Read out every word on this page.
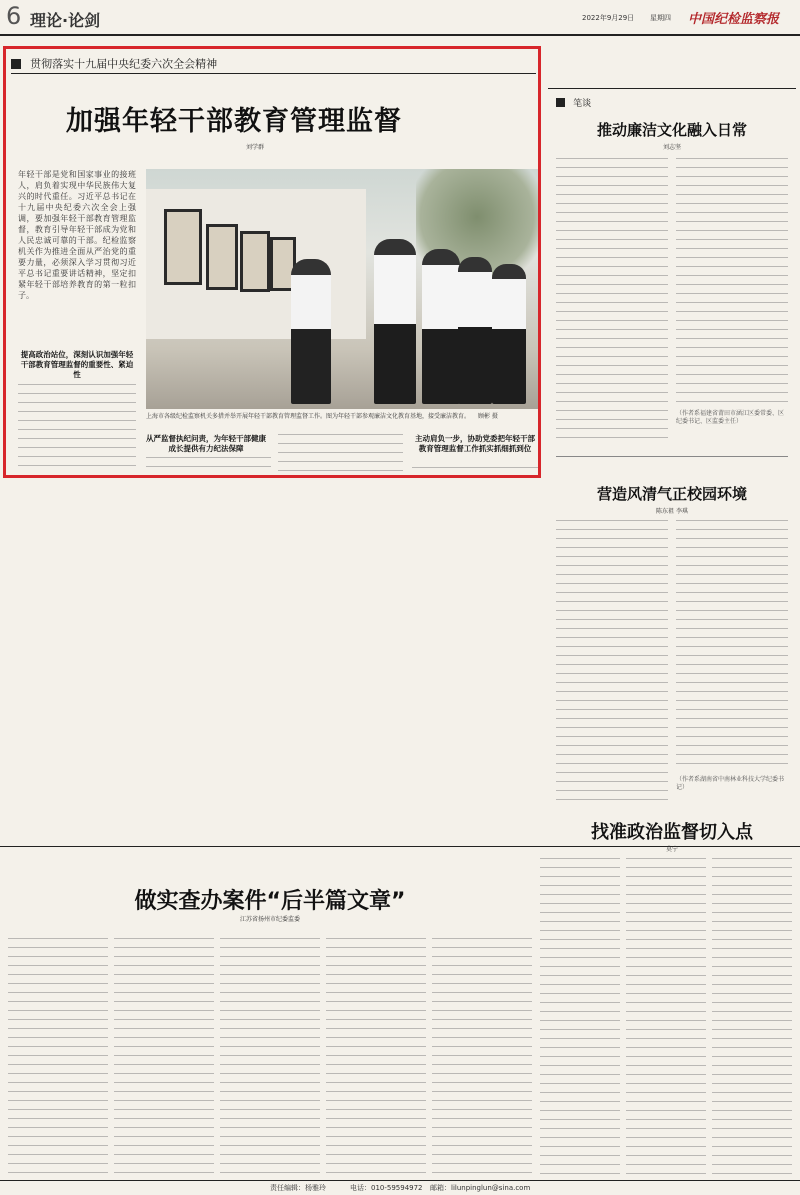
6 理论·论剑	2022年9月29日 星期四 中国纪检监察报
贯彻落实十九届中央纪委六次全会精神
加强年轻干部教育管理监督
刘学群
年轻干部是党和国家事业的接班人，肩负着实现中华民族伟大复兴的时代重任。习近平总书记在十九届中央纪委六次全会上强调，要加强年轻干部教育管理监督，教育引导年轻干部成为党和人民忠诚可靠的干部。纪检监察机关作为推进全面从严治党的重要力量，必须深入学习贯彻习近平总书记重要讲话精神，坚定扣紧年轻干部培养教育的第一粒扣子。
上海市各级纪检监察机关多措并举开展年轻干部教育管理监督工作。图为年轻干部参观廉洁文化教育基地，接受廉洁教育。 顾彬 摄
提高政治站位，深刻认识加强年轻干部教育管理监督的重要性、紧迫性
从严监督执纪问责，为年轻干部健康成长提供有力纪法保障
主动肩负一步，协助党委把年轻干部教育管理监督工作抓实抓细抓到位
笔谈
推动廉洁文化融入日常
刘志坚
（作者系福建省莆田市涵江区委常委、区纪委书记、区监委主任）
营造风清气正校园环境
陈东祖 李琪
（作者系湖南省中南林业科技大学纪委书记）
找准政治监督切入点
莫宁
做实查办案件“后半篇文章”
江苏省扬州市纪委监委
责任编辑：杨雅玲	电话：010-59594972 邮箱：lilunpinglun@sina.com
